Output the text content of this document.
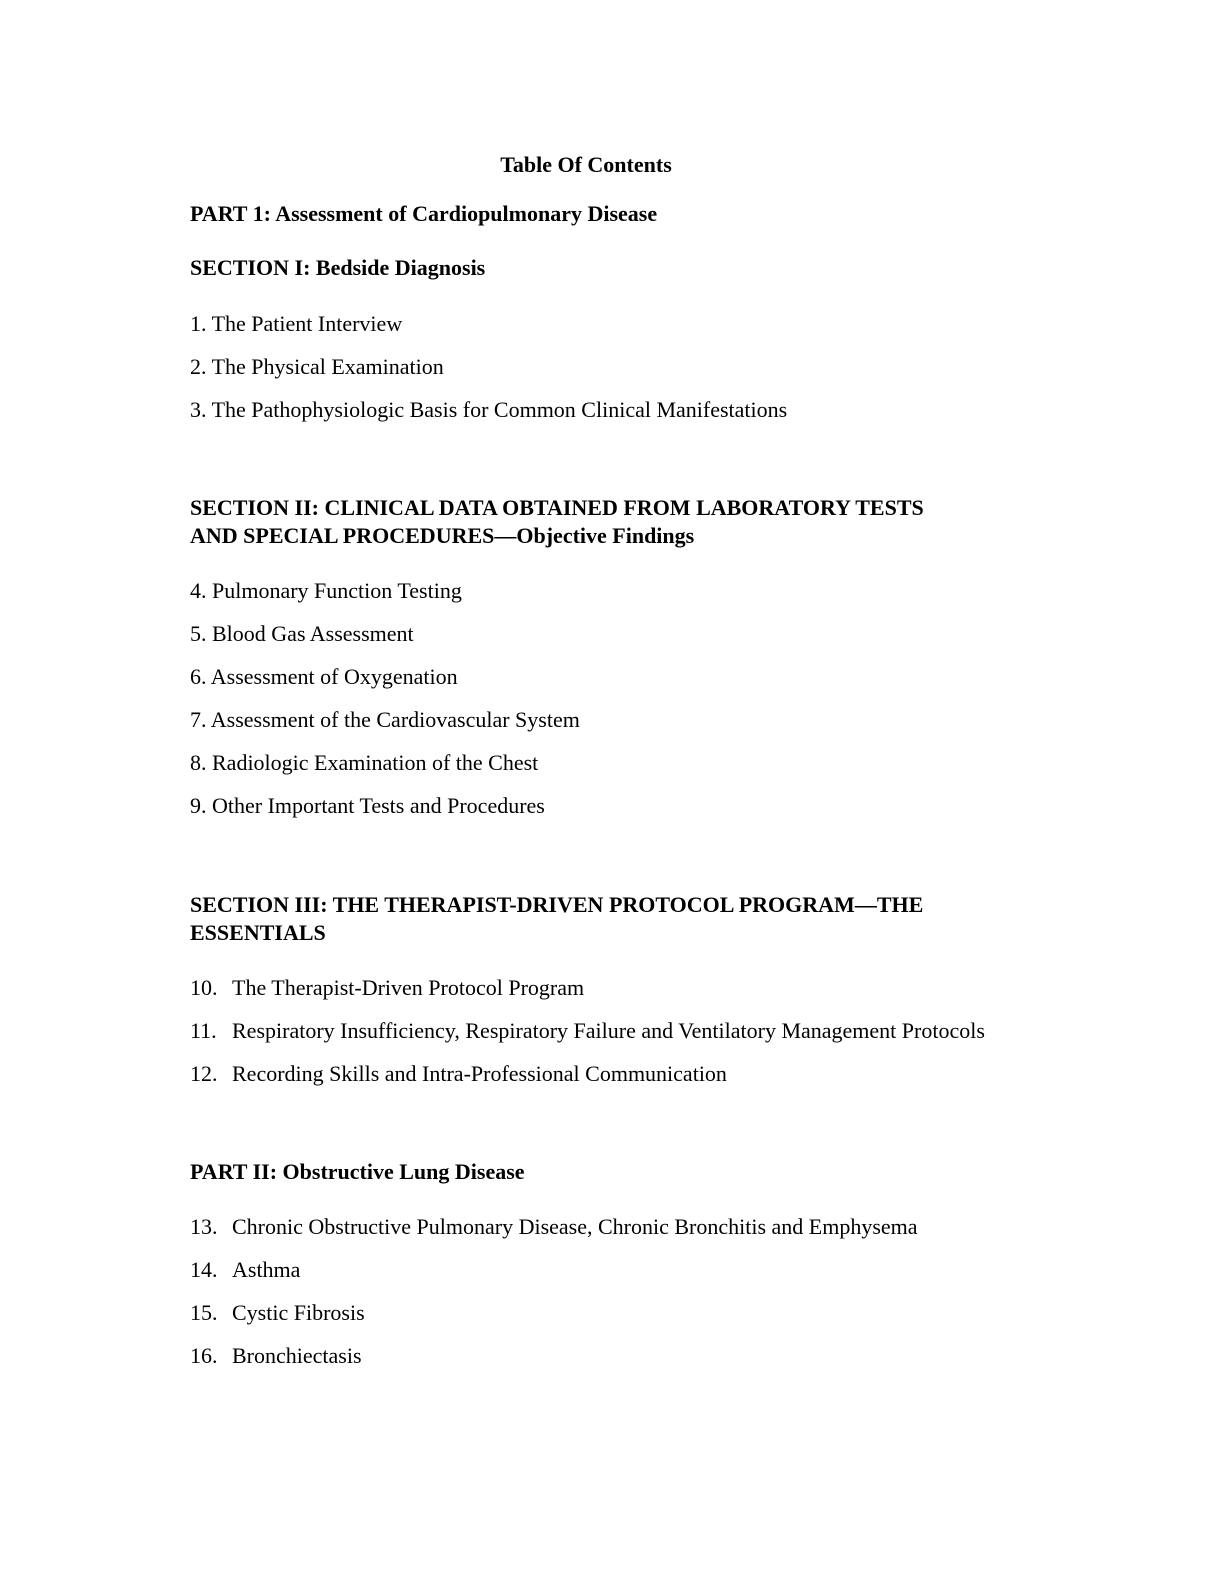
Table Of Contents
PART 1: Assessment of Cardiopulmonary Disease
SECTION I: Bedside Diagnosis
1. The Patient Interview
2. The Physical Examination
3. The Pathophysiologic Basis for Common Clinical Manifestations
SECTION II: CLINICAL DATA OBTAINED FROM LABORATORY TESTS
AND SPECIAL PROCEDURES—Objective Findings
4. Pulmonary Function Testing
5. Blood Gas Assessment
6. Assessment of Oxygenation
7. Assessment of the Cardiovascular System
8. Radiologic Examination of the Chest
9. Other Important Tests and Procedures
SECTION III: THE THERAPIST-DRIVEN PROTOCOL PROGRAM—THE
ESSENTIALS
10. The Therapist-Driven Protocol Program
11. Respiratory Insufficiency, Respiratory Failure and Ventilatory Management Protocols
12. Recording Skills and Intra-Professional Communication
PART II: Obstructive Lung Disease
13. Chronic Obstructive Pulmonary Disease, Chronic Bronchitis and Emphysema
14. Asthma
15. Cystic Fibrosis
16. Bronchiectasis
